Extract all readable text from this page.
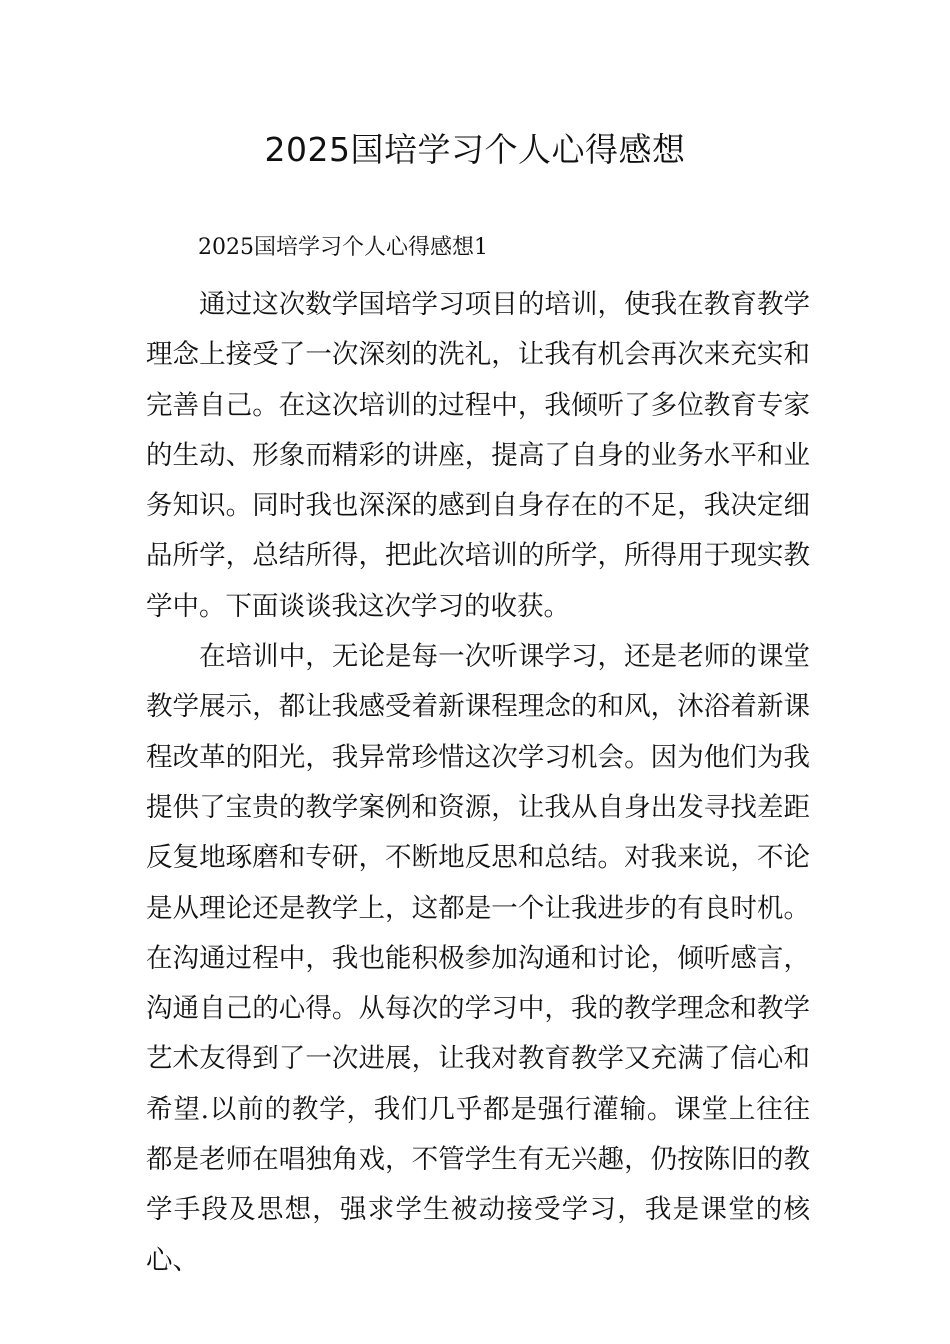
2025国培学习个人心得感想
2025国培学习个人心得感想1

通过这次数学国培学习项目的培训，使我在教育教学理念上接受了一次深刻的洗礼，让我有机会再次来充实和完善自己。在这次培训的过程中，我倾听了多位教育专家的生动、形象而精彩的讲座，提高了自身的业务水平和业务知识。同时我也深深的感到自身存在的不足，我决定细品所学，总结所得，把此次培训的所学，所得用于现实教学中。下面谈谈我这次学习的收获。

在培训中，无论是每一次听课学习，还是老师的课堂教学展示，都让我感受着新课程理念的和风，沐浴着新课程改革的阳光，我异常珍惜这次学习机会。因为他们为我提供了宝贵的教学案例和资源，让我从自身出发寻找差距反复地琢磨和专研，不断地反思和总结。对我来说，不论是从理论还是教学上，这都是一个让我进步的有良时机。在沟通过程中，我也能积极参加沟通和讨论，倾听感言，沟通自己的心得。从每次的学习中，我的教学理念和教学艺术友得到了一次进展，让我对教育教学又充满了信心和希望.以前的教学，我们几乎都是强行灌输。课堂上往往都是老师在唱独角戏，不管学生有无兴趣，仍按陈旧的教学手段及思想，强求学生被动接受学习，我是课堂的核心、
